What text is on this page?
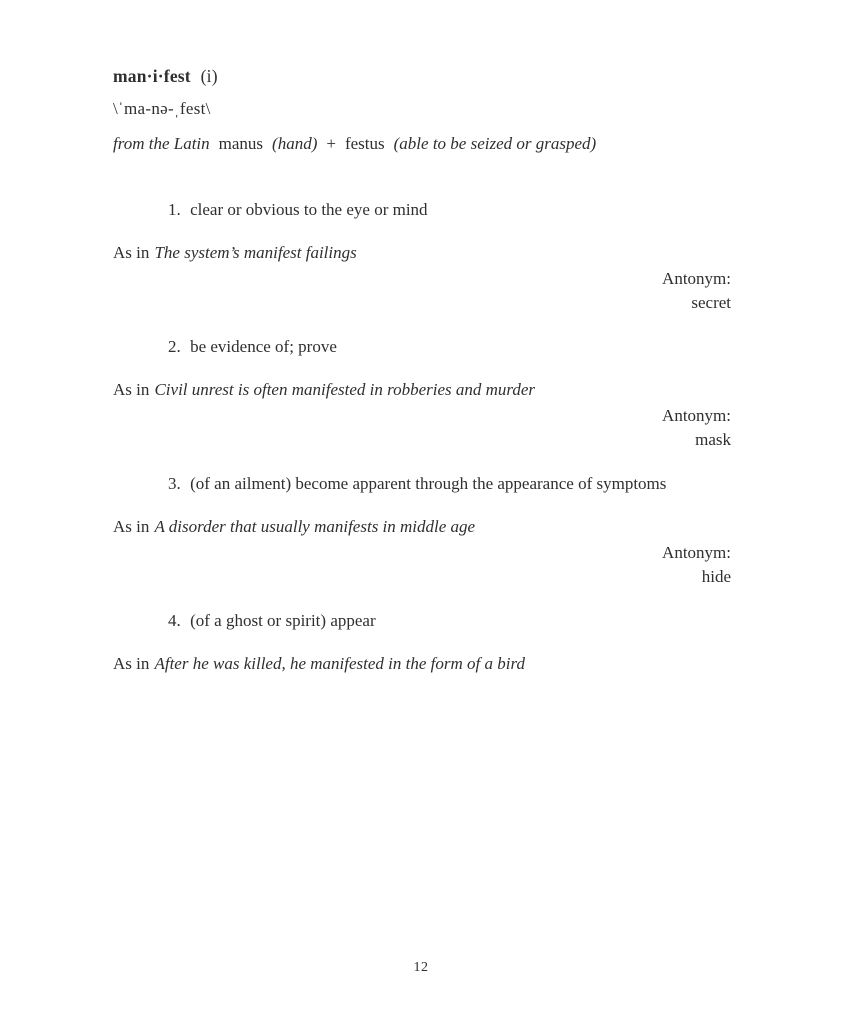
man·i·fest (i)
\ˈma-nə-ˌfest\
from the Latin manus (hand) + festus (able to be seized or grasped)
1. clear or obvious to the eye or mind
As in The system’s manifest failings
Antonym:
secret
2. be evidence of; prove
As in Civil unrest is often manifested in robberies and murder
Antonym:
mask
3. (of an ailment) become apparent through the appearance of symptoms
As in A disorder that usually manifests in middle age
Antonym:
hide
4. (of a ghost or spirit) appear
As in After he was killed, he manifested in the form of a bird
12
